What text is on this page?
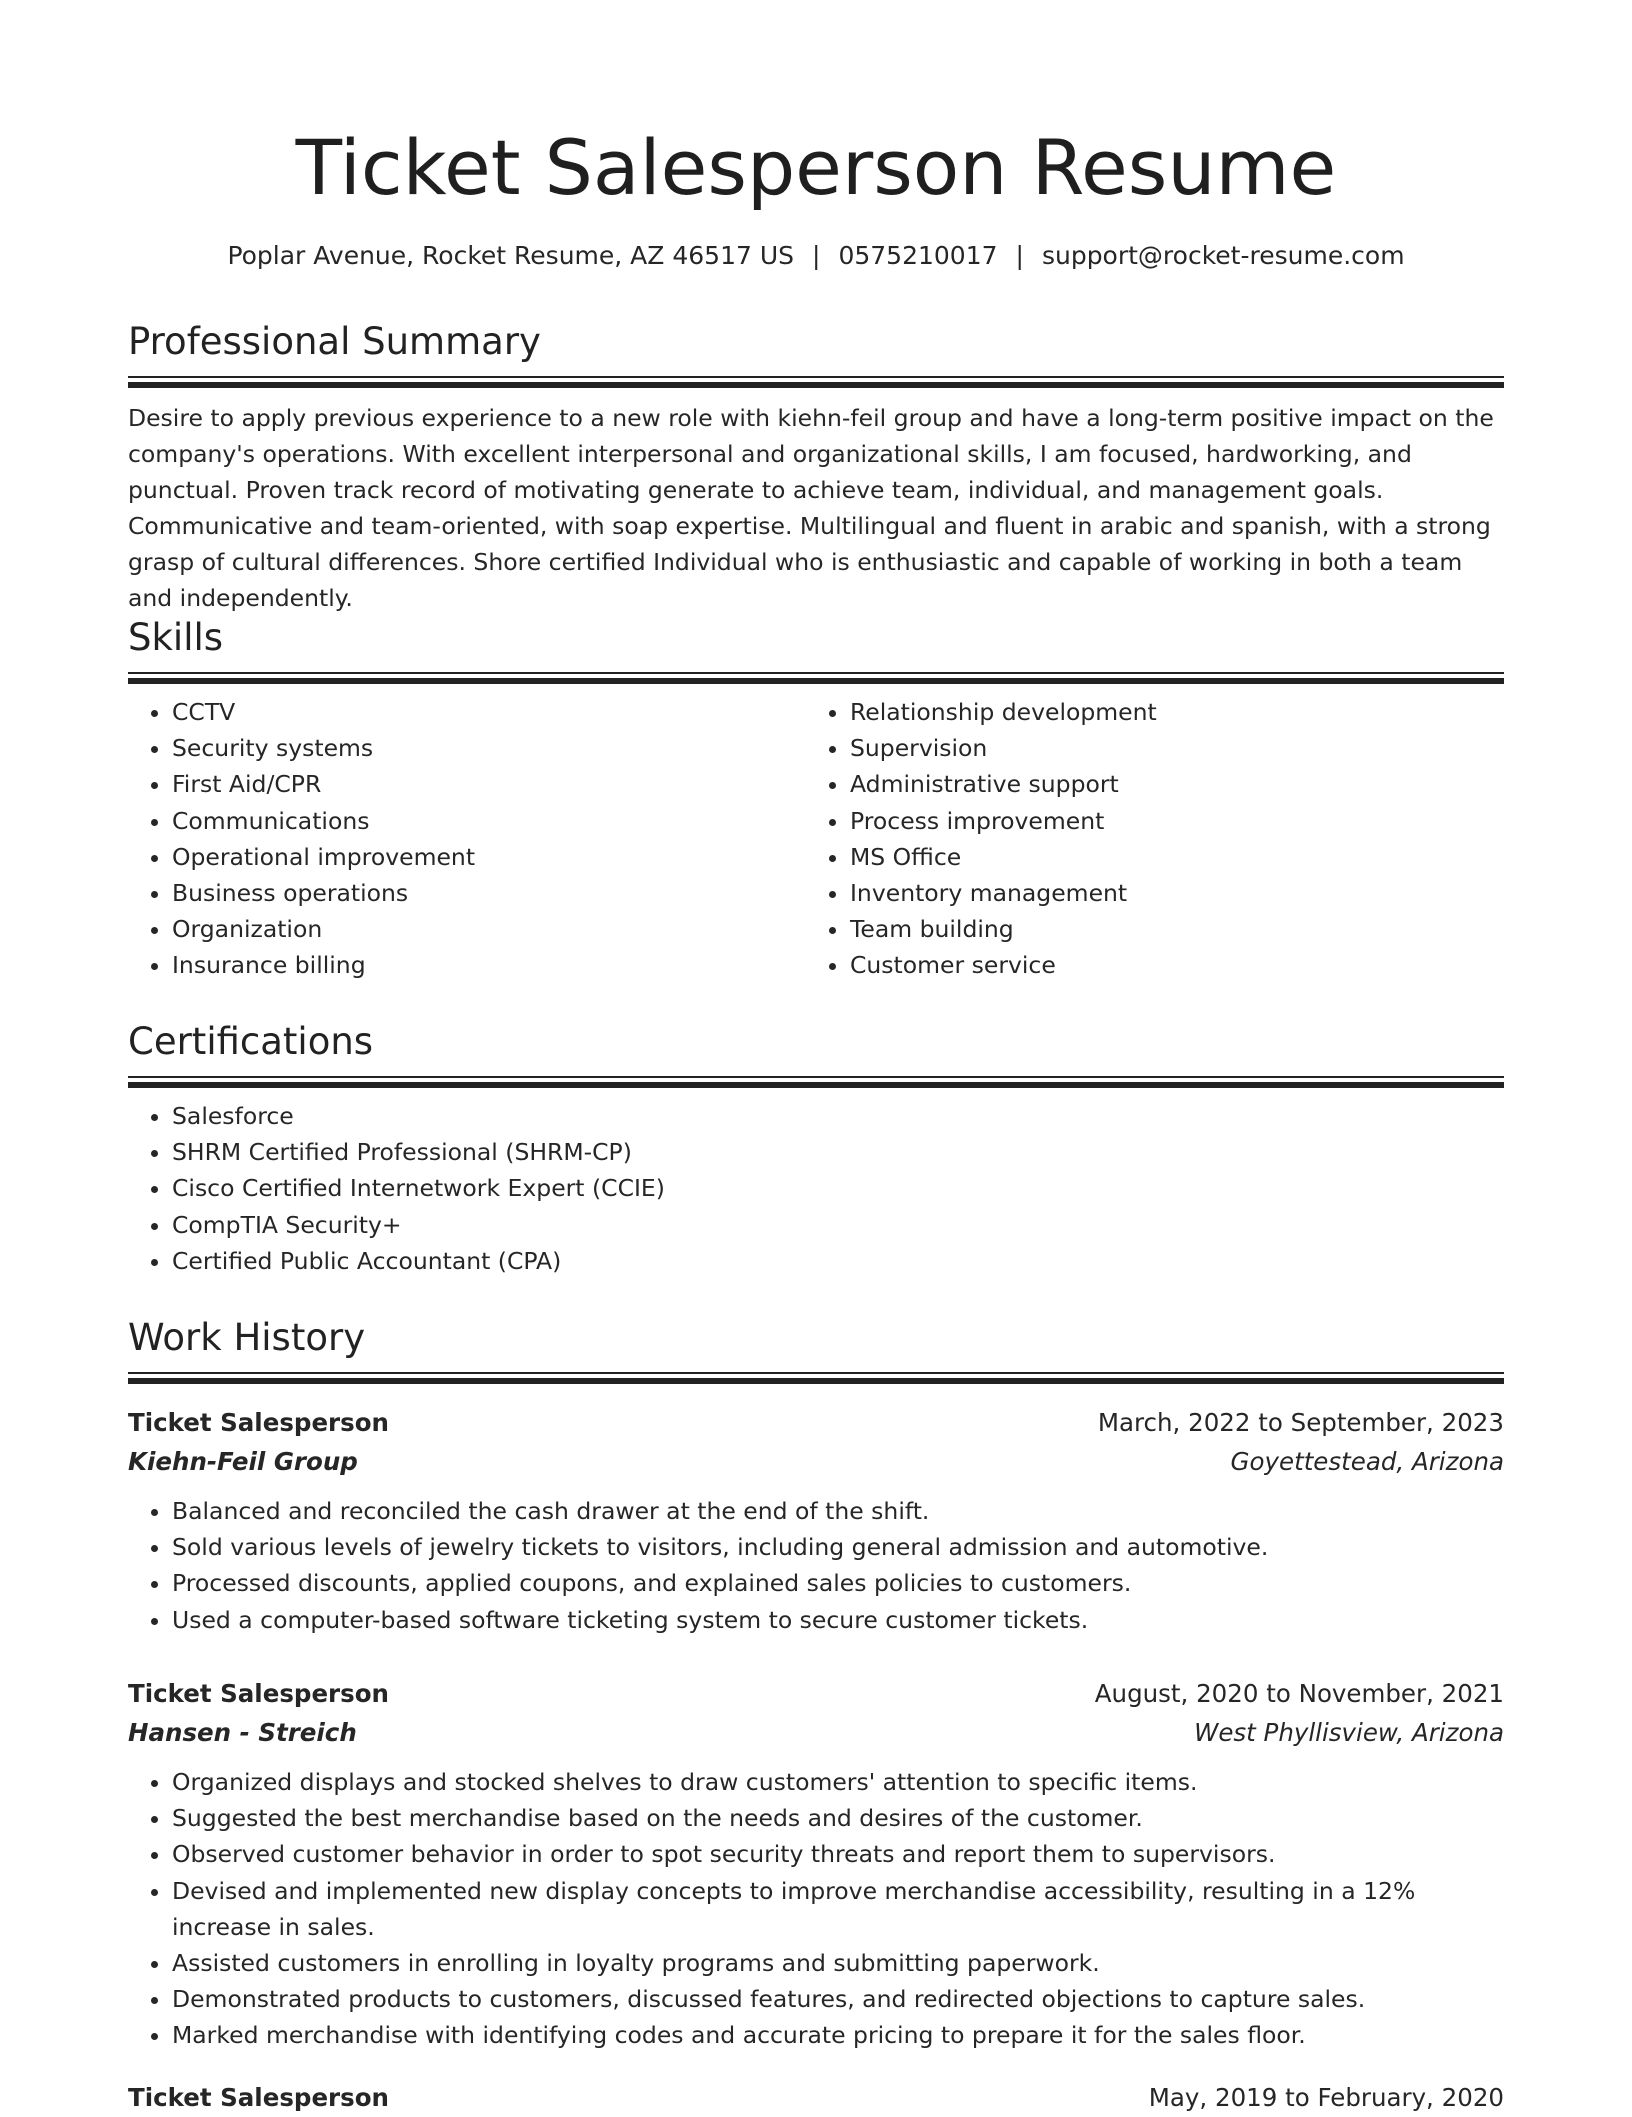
Ticket Salesperson Resume
Poplar Avenue, Rocket Resume, AZ 46517 US | 0575210017 | support@rocket-resume.com
Professional Summary

Desire to apply previous experience to a new role with kiehn-feil group and have a long-term positive impact on the company's operations. With excellent interpersonal and organizational skills, I am focused, hardworking, and punctual. Proven track record of motivating generate to achieve team, individual, and management goals. Communicative and team-oriented, with soap expertise. Multilingual and fluent in arabic and spanish, with a strong grasp of cultural differences. Shore certified Individual who is enthusiastic and capable of working in both a team and independently.

Skills
• CCTV
• Security systems
• First Aid/CPR
• Communications
• Operational improvement
• Business operations
• Organization
• Insurance billing
• Relationship development
• Supervision
• Administrative support
• Process improvement
• MS Office
• Inventory management
• Team building
• Customer service
Certifications
• Salesforce
• SHRM Certified Professional (SHRM-CP)
• Cisco Certified Internetwork Expert (CCIE)
• CompTIA Security+
• Certified Public Accountant (CPA)
Work History
Ticket Salesperson	March, 2022 to September, 2023
Kiehn-Feil Group	Goyettestead, Arizona
• Balanced and reconciled the cash drawer at the end of the shift.
• Sold various levels of jewelry tickets to visitors, including general admission and automotive.
• Processed discounts, applied coupons, and explained sales policies to customers.
• Used a computer-based software ticketing system to secure customer tickets.
Ticket Salesperson	August, 2020 to November, 2021
Hansen - Streich	West Phyllisview, Arizona
• Organized displays and stocked shelves to draw customers' attention to specific items.
• Suggested the best merchandise based on the needs and desires of the customer.
• Observed customer behavior in order to spot security threats and report them to supervisors.
• Devised and implemented new display concepts to improve merchandise accessibility, resulting in a 12% increase in sales.
• Assisted customers in enrolling in loyalty programs and submitting paperwork.
• Demonstrated products to customers, discussed features, and redirected objections to capture sales.
• Marked merchandise with identifying codes and accurate pricing to prepare it for the sales floor.
Ticket Salesperson	May, 2019 to February, 2020
